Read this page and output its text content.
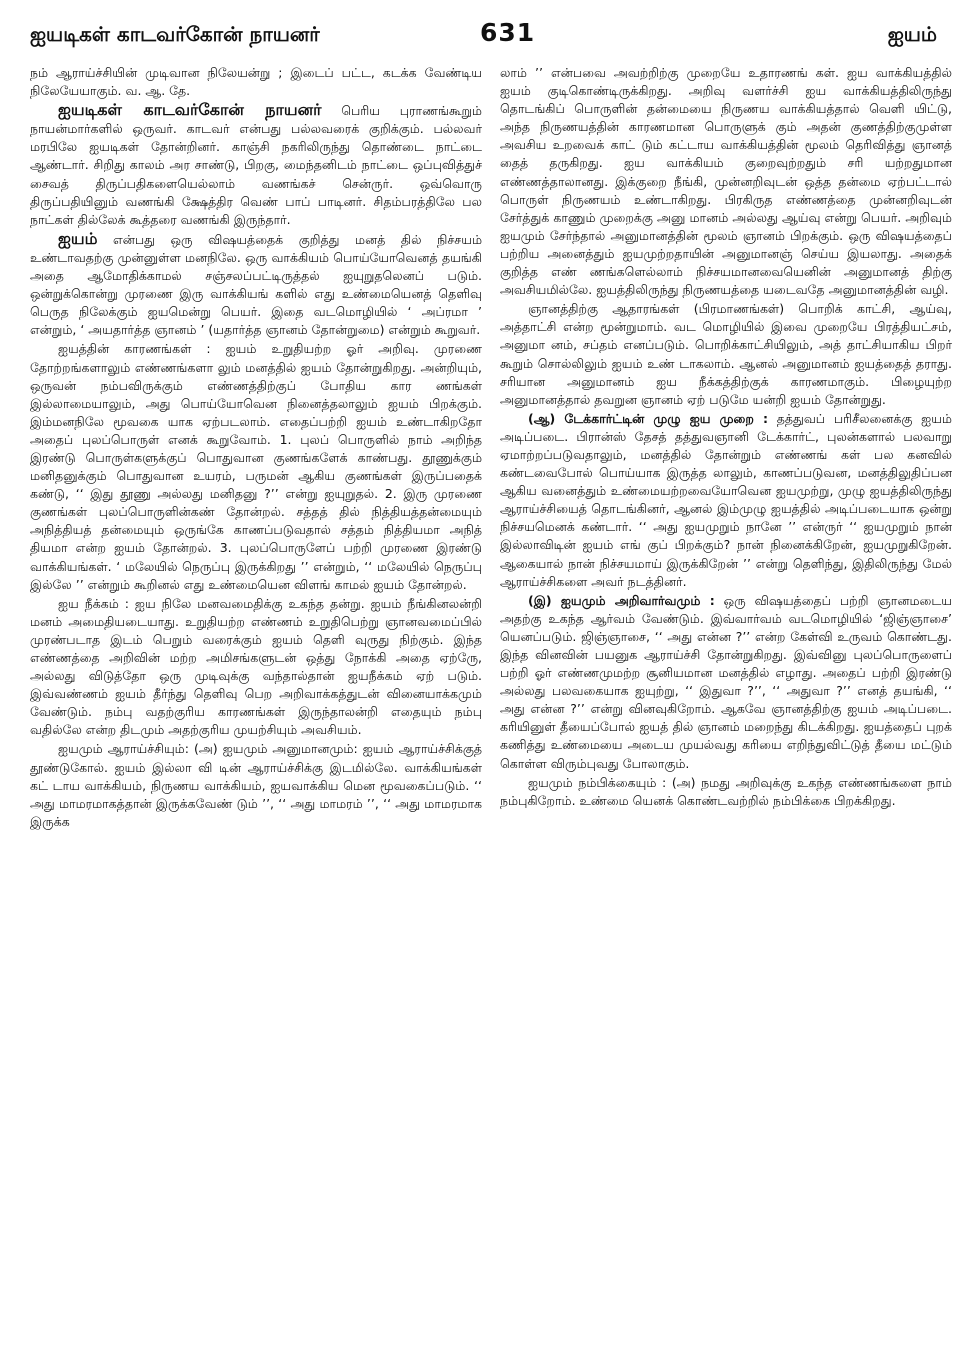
ஐயடிகள் காடவர்கோன் நாயனர்	631	ஐயம்

நம் ஆராய்ச்சியின் முடிவான நிலேயன்று ; இடைப் பட்ட, கடக்க வேண்டிய நிலேயேயாகும். வ. ஆ. தே.

ஐயடிகள் காடவர்கோன் நாயனர் பெரிய புராணங்கூறும் நாயன்மார்களில் ஒருவர். காடவர் என்பது பல்லவரைக் குறிக்கும். பல்லவர் மரபிலே ஐயடிகள் தோன்றினர். காஞ்சி நகரிலிருந்து தொண்டை நாட்டை ஆண்டார். சிறிது காலம் அர சாண்டு, பிறகு, மைந்தனிடம் நாட்டை ஒப்புவித்துச் சைவத் திருப்பதிகளையெல்லாம் வணங்கச் சென்ருர். ஒவ்வொரு திருப்பதியினும் வணங்கி க்ஷேத்திர வெண் பாப் பாடினர். சிதம்பரத்திலே பல நாட்கள் தில்லேக் கூத்தரை வணங்கி இருந்தார்.

ஐயம் என்பது ஒரு விஷயத்தைக் குறித்து மனத் தில் நிச்சயம் உண்டாவதற்கு முன்னுள்ள மனநிலே. ஒரு வாக்கியம் பொய்யோவெனத் தயங்கி அதை ஆமோதிக்காமல் சஞ்சலப்பட்டிருத்தல் ஐயுறுதலெனப் படும். ஒன்றுக்கொன்று முரணை இரு வாக்கியங் களில் எது உண்மையெனத் தெளிவு பெருத நிலேக்கும் ஐயமென்று பெயர். இதை வடமொழியில் ‘ அப்ரமா ’ என்றும், ‘ அயதார்த்த ஞானம் ’ (யதார்த்த ஞானம் தோன்றுமை) என்றும் கூறுவர்.

ஐயத்தின் காரணங்கள் : ஐயம் உறுதியற்ற ஓர் அறிவு. முரணை தோற்றங்களாலும் எண்ணங்களா லும் மனத்தில் ஐயம் தோன்றுகிறது. அன்றியும், ஒருவன் நம்பவிருக்கும் எண்ணத்திற்குப் போதிய கார ணங்கள் இல்லாமையாலும், அது பொய்யோவென நினைத்தலாலும் ஐயம் பிறக்கும். இம்மனநிலே மூவகை யாக ஏற்படலாம். எதைப்பற்றி ஐயம் உண்டாகிறதோ அதைப் புலப்பொருள் எனக் கூறுவோம். 1. புலப் பொருளில் நாம் அறிந்த இரண்டு பொருள்களுக்குப் பொதுவான குணங்களேக் காண்பது. தூணுக்கும் மனிதனுக்கும் பொதுவான உயரம், பருமன் ஆகிய குணங்கள் இருப்பதைக் கண்டு, ‘‘ இது தூணு அல்லது மனிதனு ?’’ என்று ஐயுறுதல். 2. இரு முரணை குணங்கள் புலப்பொருளின்கண் தோன்றல். சத்தத் தில் நித்தியத்தன்மையும் அநித்தியத் தன்மையும் ஒருங்கே காணப்படுவதால் சத்தம் நித்தியமா அநித் தியமா என்ற ஐயம் தோன்றல். 3. புலப்பொருளேப் பற்றி முரணை இரண்டு வாக்கியங்கள். ‘ மலேயில் நெருப்பு இருக்கிறது ’’ என்றும், ‘‘ மலேயில் நெருப்பு இல்லே ’’ என்றும் கூறினல் எது உண்மையென விளங் காமல் ஐயம் தோன்றல்.

ஐய நீக்கம் : ஐய நிலே மனவமைதிக்கு உகந்த தன்று. ஐயம் நீங்கினலன்றி மனம் அமைதியடையாது. உறுதியற்ற எண்ணம் உறுதிபெற்று ஞானவமைப்பில் முரண்படாத இடம் பெறும் வரைக்கும் ஐயம் தெளி வுருது நிற்கும். இந்த எண்ணத்தை அறிவின் மற்ற அமிசங்களுடன் ஒத்து நோக்கி அதை ஏற்ருே, அல்லது விடுத்தோ ஒரு முடிவுக்கு வந்தால்தான் ஐயநீக்கம் ஏற் படும். இவ்வண்ணம் ஐயம் தீர்ந்து தெளிவு பெற அறிவாக்கத்துடன் வினையாக்கமும் வேண்டும். நம்பு வதற்குரிய காரணங்கள் இருந்தாலன்றி எதையும் நம்பு வதில்லே என்ற திடமும் அதற்குரிய முயற்சியும் அவசியம்.

ஐயமும் ஆராய்ச்சியும்: (அ) ஐயமும் அனுமானமும்: ஐயம் ஆராய்ச்சிக்குத் தூண்டுகோல். ஐயம் இல்லா வி டின் ஆராய்ச்சிக்கு இடமில்லே. வாக்கியங்கள் கட் டாய வாக்கியம், நிருணய வாக்கியம், ஐயவாக்கிய மென மூவகைப்படும். ‘‘ அது மாமரமாகத்தான் இருக்கவேண் டும் ’’, ‘‘ அது மாமரம் ’’, ‘‘ அது மாமரமாக இருக்க

லாம் ’’ என்பவை அவற்றிற்கு முறையே உதாரணங் கள். ஐய வாக்கியத்தில் ஐயம் குடிகொண்டிருக்கிறது. அறிவு வளர்ச்சி ஐய வாக்கியத்திலிருந்து தொடங்கிப் பொருளின் தன்மையை நிருணய வாக்கியத்தால் வெளி யிட்டு, அந்த நிருணயத்தின் காரணமான பொருளுக் கும் அதன் குணத்திற்குமுள்ள அவசிய உறவைக் காட் டும் கட்டாய வாக்கியத்தின் மூலம் தெரிவித்து ஞானத் தைத் தருகிறது. ஐய வாக்கியம் குறைவுற்றதும் சரி யற்றதுமான எண்ணத்தாலானது. இக்குறை நீங்கி, முன்னறிவுடன் ஒத்த தன்மை ஏற்பட்டால் பொருள் நிருணயம் உண்டாகிறது. பிரகிருத எண்ணத்தை முன்னறிவுடன் சேர்த்துக் காணும் முறைக்கு அனு மானம் அல்லது ஆய்வு என்று பெயர். அறிவும் ஐயமும் சேர்ந்தால் அனுமானத்தின் மூலம் ஞானம் பிறக்கும். ஒரு விஷயத்தைப் பற்றிய அனைத்தும் ஐயமுற்றதாயின் அனுமானஞ் செய்ய இயலாது. அதைக் குறித்த எண் ணங்களெல்லாம் நிச்சயமானவையெனின் அனுமானத் திற்கு அவசியமில்லே. ஐயத்திலிருந்து நிருணயத்தை யடைவதே அனுமானத்தின் வழி.

ஞானத்திற்கு ஆதாரங்கள் (பிரமாணங்கள்) பொறிக் காட்சி, ஆய்வு, அத்தாட்சி என்ற மூன்றுமாம். வட மொழியில் இவை முறையே பிரத்தியட்சம், அனுமா னம், சப்தம் எனப்படும். பொறிக்காட்சியிலும், அத் தாட்சியாகிய பிறர் கூறும் சொல்லிலும் ஐயம் உண் டாகலாம். ஆனல் அனுமானம் ஐயத்தைத் தராது. சரியான அனுமானம் ஐய நீக்கத்திற்குக் காரணமாகும். பிழையுற்ற அனுமானத்தால் தவறுன ஞானம் ஏற் படுமே யன்றி ஐயம் தோன்றுது.

(ஆ) டேக்கார்ட்டின் முழு ஐய முறை : தத்துவப் பரிசீலனைக்கு ஐயம் அடிப்படை. பிரான்ஸ் தேசத் தத்துவஞானி டேக்கார்ட், புலன்களால் பலவாறு ஏமாற்றப்படுவதாலும், மனத்தில் தோன்றும் எண்ணங் கள் பல கனவில் கண்டவைபோல் பொய்யாக இருத்த லாலும், காணப்படுவன, மனத்திலுதிப்பன ஆகிய வனைத்தும் உண்மையற்றவையோவென ஐயமுற்று, முழு ஐயத்திலிருந்து ஆராய்ச்சியைத் தொடங்கினர், ஆனல் இம்முழு ஐயத்தில் அடிப்படையாக ஒன்று நிச்சயமெனக் கண்டார். ‘‘ அது ஐயமுறும் நானே ’’ என்ருர் ‘‘ ஐயமுறும் நான் இல்லாவிடின் ஐயம் எங் குப் பிறக்கும்? நான் நினைக்கிறேன், ஐயமுறுகிறேன். ஆகையால் நான் நிச்சயமாய் இருக்கிறேன் ’’ என்று தெளிந்து, இதிலிருந்து மேல் ஆராய்ச்சிகளை அவர் நடத்தினர்.

(இ) ஐயமும் அறிவார்வமும் : ஒரு விஷயத்தைப் பற்றி ஞானமடைய அதற்கு உகந்த ஆர்வம் வேண்டும். இவ்வார்வம் வடமொழியில் ‘ஜிஞ்ஞாசை’ யெனப்படும். ஜிஞ்ஞாசை, ‘‘ அது என்ன ?’’ என்ற கேள்வி உருவம் கொண்டது. இந்த வினவின் பயனுக ஆராய்ச்சி தோன்றுகிறது. இவ்வினு புலப்பொருளைப் பற்றி ஓர் எண்ணமுமற்ற சூனியமான மனத்தில் எழாது. அதைப் பற்றி இரண்டு அல்லது பலவகையாக ஐயுற்று, ‘‘ இதுவா ?’’, ‘‘ அதுவா ?’’ எனத் தயங்கி, ‘‘ அது என்ன ?’’ என்று வினவுகிறோம். ஆகவே ஞானத்திற்கு ஐயம் அடிப்படை. கரியினுள் தீயைப்போல் ஐயத் தில் ஞானம் மறைந்து கிடக்கிறது. ஐயத்தைப் புறக் கணித்து உண்மையை அடைய முயல்வது கரியை எறிந்துவிட்டுத் தீயை மட்டும் கொள்ள விரும்புவது போலாகும்.

ஐயமும் நம்பிக்கையும் : (அ) நமது அறிவுக்கு உகந்த எண்ணங்களை நாம் நம்புகிறோம். உண்மை யெனக் கொண்டவற்றில் நம்பிக்கை பிறக்கிறது.
